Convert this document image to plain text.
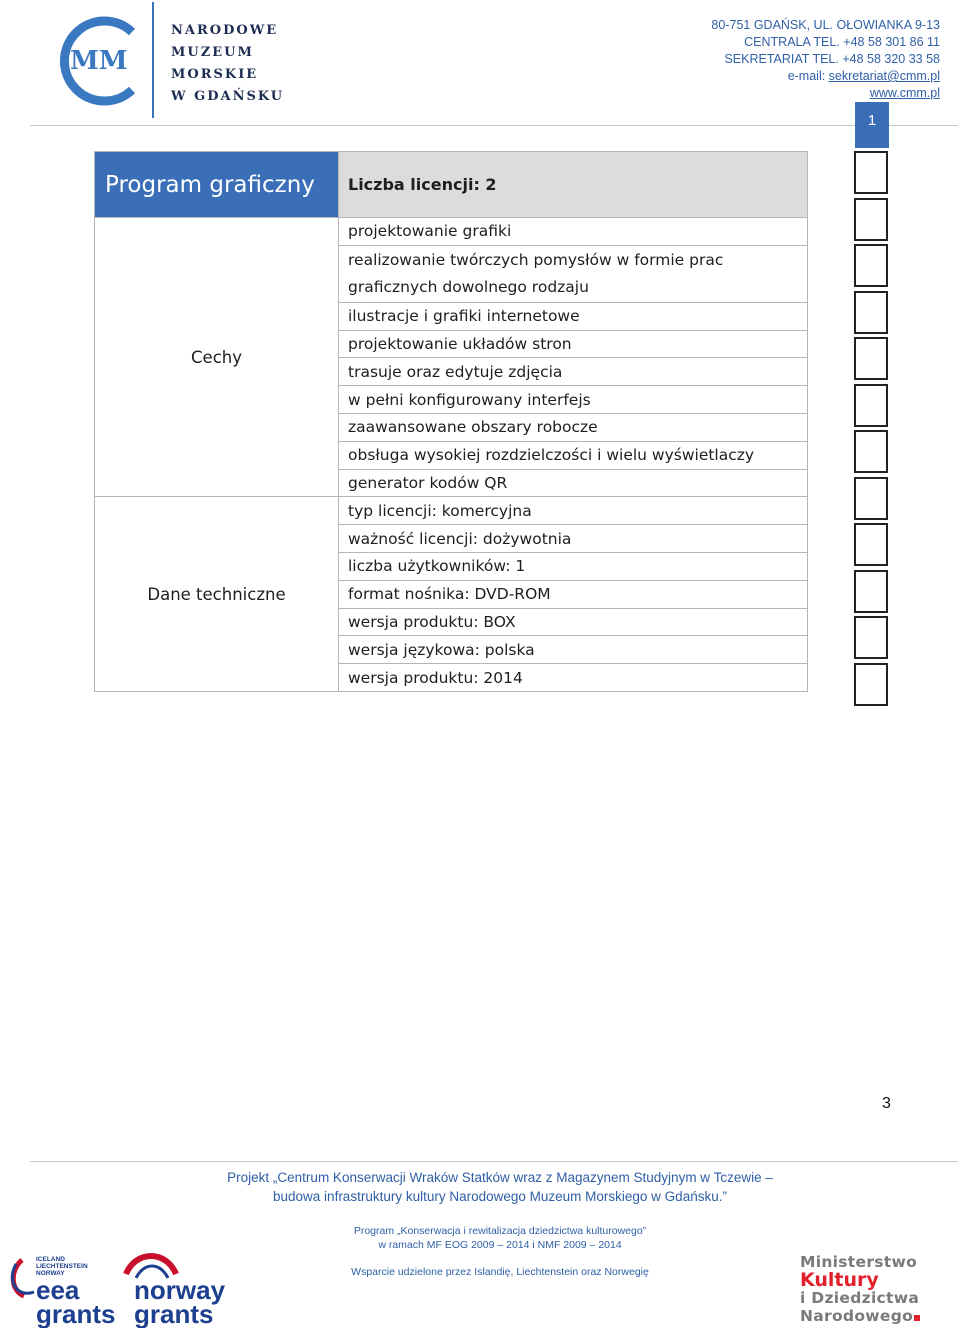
MM
NARODOWE
MUZEUM
MORSKIE
W GDAŃSKU
80-751 GDAŃSK, UL. OŁOWIANKA 9-13
CENTRALA TEL. +48 58 301 86 11
SEKRETARIAT TEL. +48 58 320 33 58
e-mail: sekretariat@cmm.pl
www.cmm.pl
1
Program graficzny	Liczba licencji: 2
Cechy	projektowanie grafiki
	realizowanie twórczych pomysłów w formie prac graficznych dowolnego rodzaju
	ilustracje i grafiki internetowe
	projektowanie układów stron
	trasuje oraz edytuje zdjęcia
	w pełni konfigurowany interfejs
	zaawansowane obszary robocze
	obsługa wysokiej rozdzielczości i wielu wyświetlaczy
	generator kodów QR
Dane techniczne	typ licencji: komercyjna
	ważność licencji: dożywotnia
	liczba użytkowników: 1
	format nośnika: DVD-ROM
	wersja produktu: BOX
	wersja językowa: polska
	wersja produktu: 2014
3
Projekt „Centrum Konserwacji Wraków Statków wraz z Magazynem Studyjnym w Tczewie –
budowa infrastruktury kultury Narodowego Muzeum Morskiego w Gdańsku.”
Program „Konserwacja i rewitalizacja dziedzictwa kulturowego”
w ramach MF EOG 2009 – 2014 i NMF 2009 – 2014
Wsparcie udzielone przez Islandię, Liechtenstein oraz Norwegię
ICELAND
LIECHTENSTEIN
NORWAY
eea
grants
norway
grants
Ministerstwo
Kultury
i Dziedzictwa
Narodowego
